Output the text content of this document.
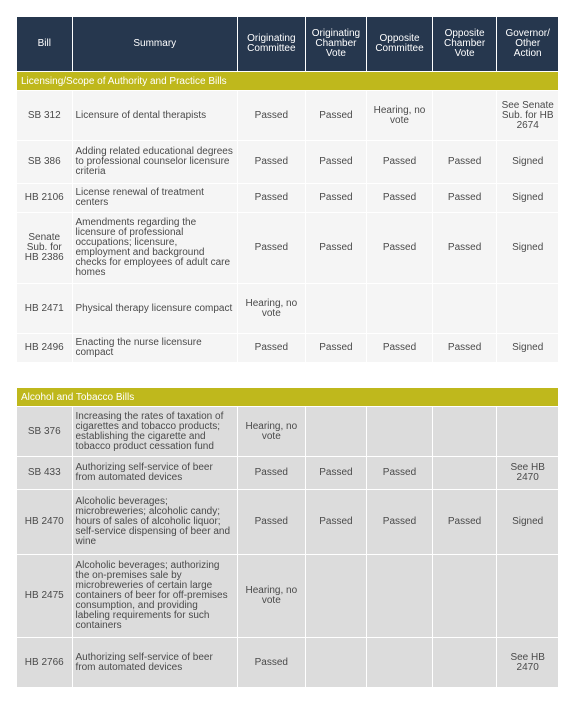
Bill	Summary	Originating Committee	Originating Chamber Vote	Opposite Committee	Opposite Chamber Vote	Governor/ Other Action
Licensing/Scope of Authority and Practice Bills						
SB 312	Licensure of dental therapists	Passed	Passed	Hearing, no vote		See Senate Sub. for HB 2674
SB 386	Adding related educational degrees to professional counselor licensure criteria	Passed	Passed	Passed	Passed	Signed
HB 2106	License renewal of treatment centers	Passed	Passed	Passed	Passed	Signed
Senate Sub. for HB 2386	Amendments regarding the licensure of professional occupations; licensure, employment and background checks for employees of adult care homes	Passed	Passed	Passed	Passed	Signed
HB 2471	Physical therapy licensure compact	Hearing, no vote				
HB 2496	Enacting the nurse licensure compact	Passed	Passed	Passed	Passed	Signed
Alcohol and Tobacco Bills						
SB 376	Increasing the rates of taxation of cigarettes and tobacco products; establishing the cigarette and tobacco product cessation fund	Hearing, no vote				
SB 433	Authorizing self-service of beer from automated devices	Passed	Passed	Passed		See HB 2470
HB 2470	Alcoholic beverages; microbreweries; alcoholic candy; hours of sales of alcoholic liquor; self-service dispensing of beer and wine	Passed	Passed	Passed	Passed	Signed
HB 2475	Alcoholic beverages; authorizing the on-premises sale by microbreweries of certain large containers of beer for off-premises consumption, and providing labeling requirements for such containers	Hearing, no vote				
HB 2766	Authorizing self-service of beer from automated devices	Passed				See HB 2470
